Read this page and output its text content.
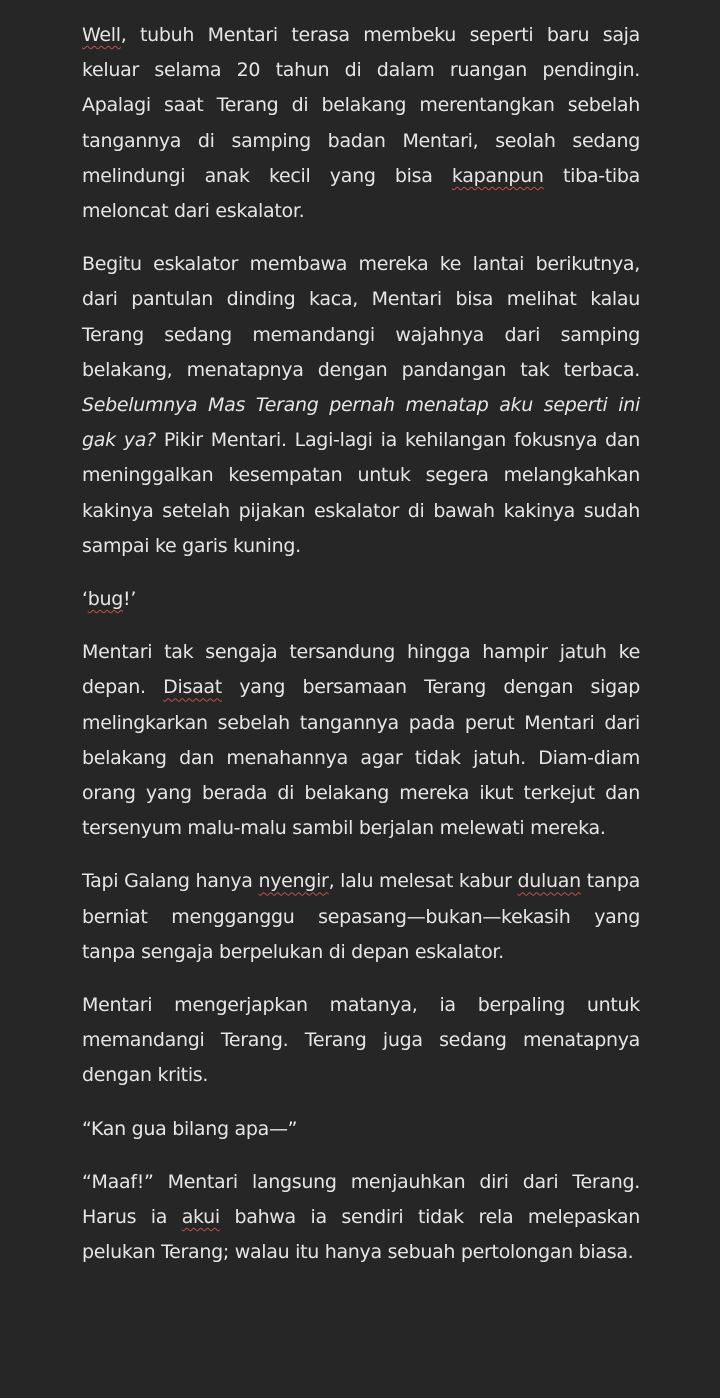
Well, tubuh Mentari terasa membeku seperti baru saja keluar selama 20 tahun di dalam ruangan pendingin. Apalagi saat Terang di belakang merentangkan sebelah tangannya di samping badan Mentari, seolah sedang melindungi anak kecil yang bisa kapanpun tiba-tiba meloncat dari eskalator.

Begitu eskalator membawa mereka ke lantai berikutnya, dari pantulan dinding kaca, Mentari bisa melihat kalau Terang sedang memandangi wajahnya dari samping belakang, menatapnya dengan pandangan tak terbaca. Sebelumnya Mas Terang pernah menatap aku seperti ini gak ya? Pikir Mentari. Lagi-lagi ia kehilangan fokusnya dan meninggalkan kesempatan untuk segera melangkahkan kakinya setelah pijakan eskalator di bawah kakinya sudah sampai ke garis kuning.

‘bug!’

Mentari tak sengaja tersandung hingga hampir jatuh ke depan. Disaat yang bersamaan Terang dengan sigap melingkarkan sebelah tangannya pada perut Mentari dari belakang dan menahannya agar tidak jatuh. Diam-diam orang yang berada di belakang mereka ikut terkejut dan tersenyum malu-malu sambil berjalan melewati mereka.

Tapi Galang hanya nyengir, lalu melesat kabur duluan tanpa berniat mengganggu sepasang—bukan—kekasih yang tanpa sengaja berpelukan di depan eskalator.

Mentari mengerjapkan matanya, ia berpaling untuk memandangi Terang. Terang juga sedang menatapnya dengan kritis.

“Kan gua bilang apa—”

“Maaf!” Mentari langsung menjauhkan diri dari Terang. Harus ia akui bahwa ia sendiri tidak rela melepaskan pelukan Terang; walau itu hanya sebuah pertolongan biasa.
